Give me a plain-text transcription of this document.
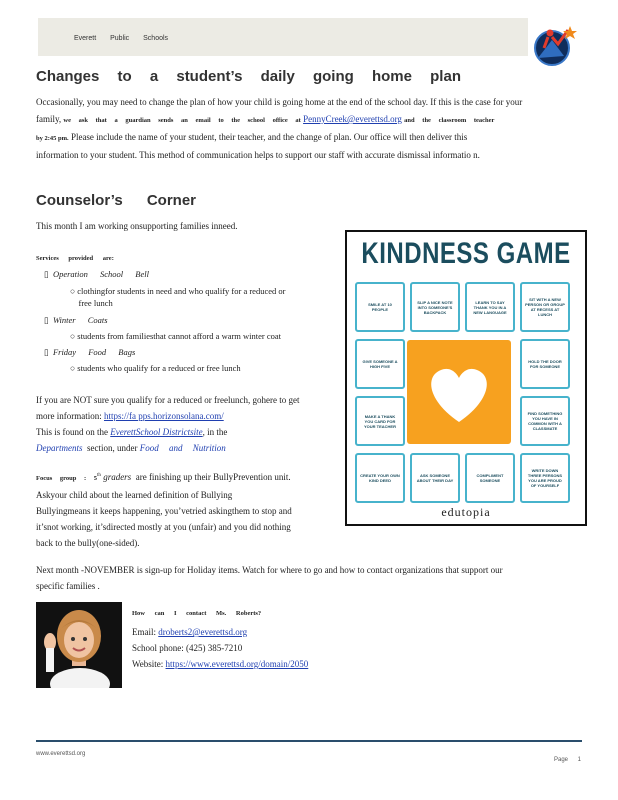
Everett Public Schools
Changes to a student’s daily going home plan
Occasionally, you may need to change the plan of how your child is going home at the end of the school day. If this is the case for your
family, we ask that a guardian sends an email to the school office at PennyCreek@everettsd.org and the classroom teacher
by 2:45 pm. Please include the name of your student, their teacher, and the change of plan. Our office will then deliver this
information to your student. This method of communication helps to support our staff with accurate dismissal informatio n.
Counselor’s Corner
This month I am working onsupporting families inneed.
Services provided are:
▯  Operation School Bell
○ clothingfor students in need and who qualify for a reduced or
free lunch
▯  Winter Coats
○ students from familiesthat cannot afford a warm winter coat
▯  Friday Food Bags
○ students who qualify for a reduced or free lunch
If you are NOT sure you qualify for a reduced or freelunch, gohere to get
more information: https://fa pps.horizonsolana.com/
This is found on the EverettSchool Districtsite, in the
Departments section, under Food and Nutrition
Focus group : 5th graders are finishing up their BullyPrevention unit.
Askyour child about the learned definition of Bullying
Bullyingmeans it keeps happening, you’vetried askingthem to stop and
it’snot working, it’sdirected mostly at you (unfair) and you did nothing
back to the bully(one-sided).
KINDNESS GAME
SMILE AT 10 PEOPLE
SLIP A NICE NOTE INTO SOMEONE'S BACKPACK
LEARN TO SAY THANK YOU IN A NEW LANGUAGE
SIT WITH A NEW PERSON OR GROUP AT RECESS AT LUNCH
GIVE SOMEONE A HIGH FIVE
HOLD THE DOOR FOR SOMEONE
MAKE A THANK YOU CARD FOR YOUR TEACHER
FIND SOMETHING YOU HAVE IN COMMON WITH A CLASSMATE
CREATE YOUR OWN KIND DEED
ASK SOMEONE ABOUT THEIR DAY
COMPLIMENT SOMEONE
WRITE DOWN THREE PERSONS YOU ARE PROUD OF YOURSELF
edutopia
Next month -NOVEMBER is sign-up for Holiday items. Watch for where to go and how to contact organizations that support our
specific families .
How can I contact Ms. Roberts?
Email: droberts2@everettsd.org
School phone: (425) 385-7210
Website: https://www.everettsd.org/domain/2050
www.everettsd.org
Page 1
